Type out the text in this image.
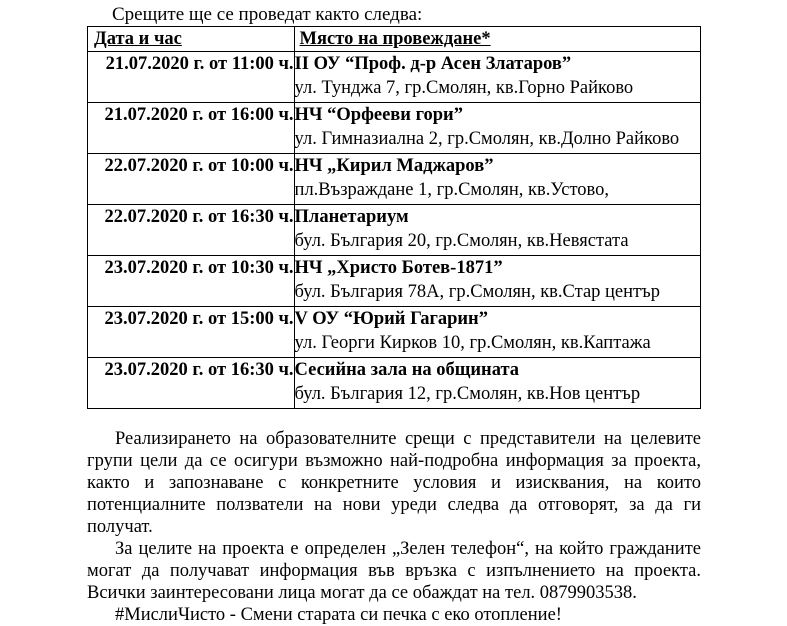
Срещите ще се проведат както следва:
Дата и час	Място на провеждане*
21.07.2020 г. от 11:00 ч.	II ОУ “Проф. д-р Асен Златаров”
ул. Тунджа 7, гр.Смолян, кв.Горно Райково

21.07.2020 г. от 16:00 ч.	НЧ “Орфееви гори”
ул. Гимназиална 2, гр.Смолян, кв.Долно Райково

22.07.2020 г. от 10:00 ч.	НЧ „Кирил Маджаров”
пл.Възраждане 1, гр.Смолян, кв.Устово,

22.07.2020 г. от 16:30 ч.	Планетариум
бул. България 20, гр.Смолян, кв.Невястата

23.07.2020 г. от 10:30 ч.	НЧ „Христо Ботев-1871”
бул. България 78А, гр.Смолян, кв.Стар център

23.07.2020 г. от 15:00 ч.	V ОУ “Юрий Гагарин”
ул. Георги Кирков 10, гр.Смолян, кв.Каптажа

23.07.2020 г. от 16:30 ч.	Сесийна зала на общината
бул. България 12, гр.Смолян, кв.Нов център

Реализирането на образователните срещи с представители на целевите групи цели да се осигури възможно най-подробна информация за проекта, както и запознаване с конкретните условия и изисквания, на които потенциалните ползватели на нови уреди следва да отговорят, за да ги получат.

За целите на проекта е определен „Зелен телефон“, на който гражданите могат да получават информация във връзка с изпълнението на проекта. Всички заинтересовани лица могат да се обаждат на тел. 0879903538.

#МислиЧисто - Смени старата си печка с еко отопление!
